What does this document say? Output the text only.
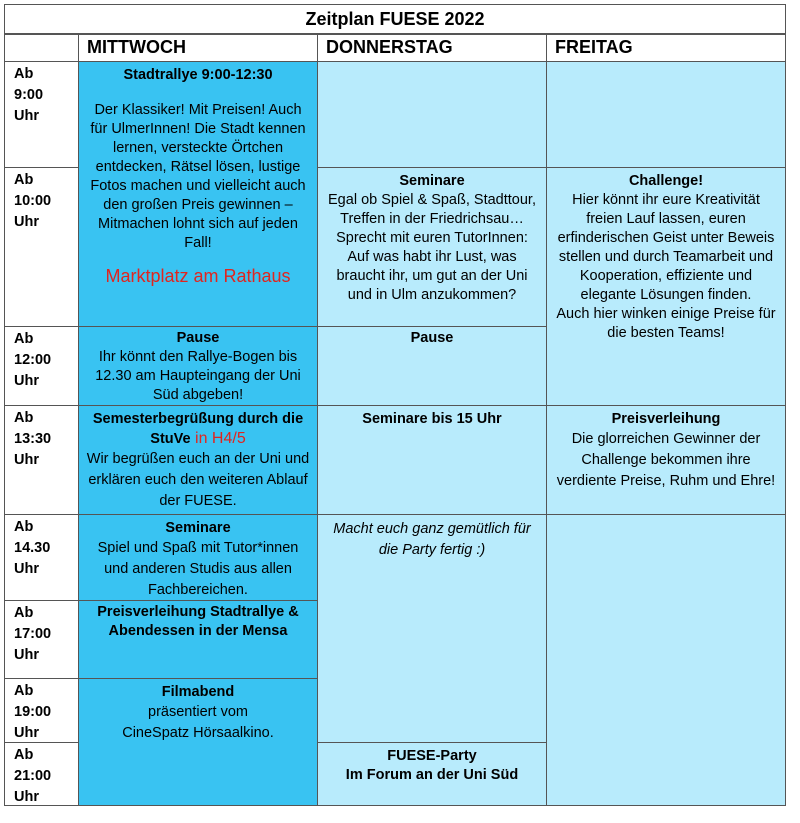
Zeitplan FUESE 2022
MITTWOCH	DONNERSTAG	FREITAG
Ab
9:00
Uhr
Ab
10:00
Uhr
Ab
12:00
Uhr
Ab
13:30
Uhr
Ab
14.30
Uhr
Ab
17:00
Uhr
Ab
19:00
Uhr
Ab
21:00
Uhr
Stadtrallye 9:00-12:30
Der Klassiker! Mit Preisen! Auch für UlmerInnen! Die Stadt kennen lernen, versteckte Örtchen entdecken, Rätsel lösen, lustige Fotos machen und vielleicht auch den großen Preis gewinnen – Mitmachen lohnt sich auf jeden Fall!
Marktplatz am Rathaus
Pause
Ihr könnt den Rallye-Bogen bis 12.30 am Haupteingang der Uni Süd abgeben!
Semesterbegrüßung durch die StuVe in H4/5
Wir begrüßen euch an der Uni und erklären euch den weiteren Ablauf der FUESE.
Seminare
Spiel und Spaß mit Tutor*innen und anderen Studis aus allen Fachbereichen.
Preisverleihung Stadtrallye & Abendessen in der Mensa
Filmabend
präsentiert vom CineSpatz Hörsaalkino.
Seminare
Egal ob Spiel & Spaß, Stadttour, Treffen in der Friedrichsau…
Sprecht mit euren TutorInnen: Auf was habt ihr Lust, was braucht ihr, um gut an der Uni und in Ulm anzukommen?
Pause
Seminare bis 15 Uhr
Macht euch ganz gemütlich für die Party fertig :)
FUESE-Party
Im Forum an der Uni Süd
Challenge!
Hier könnt ihr eure Kreativität freien Lauf lassen, euren erfinderischen Geist unter Beweis stellen und durch Teamarbeit und Kooperation, effiziente und elegante Lösungen finden.
Auch hier winken einige Preise für die besten Teams!
Preisverleihung
Die glorreichen Gewinner der Challenge bekommen ihre verdiente Preise, Ruhm und Ehre!
